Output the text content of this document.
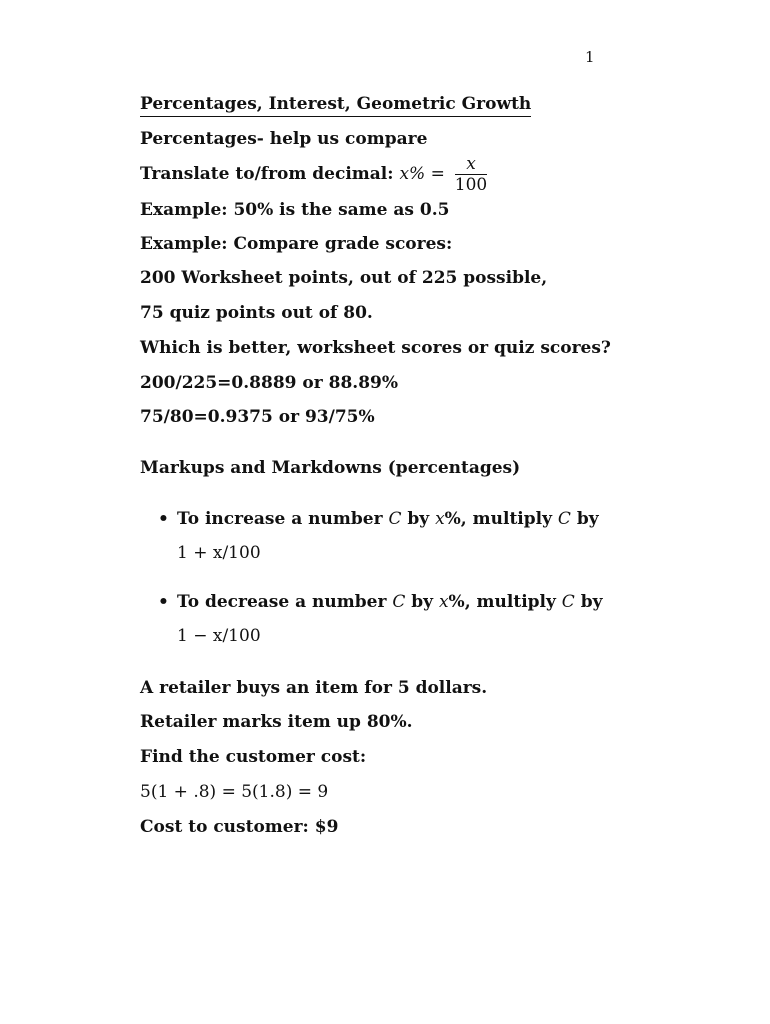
1
Percentages, Interest, Geometric Growth
Percentages- help us compare
Translate to/from decimal: $x\% = \frac{x}{100}$
Example: 50% is the same as 0.5
Example: Compare grade scores:
200 Worksheet points, out of 225 possible,
75 quiz points out of 80.
Which is better, worksheet scores or quiz scores?
200/225=0.8889 or 88.89%
75/80=0.9375 or 93/75%
Markups and Markdowns (percentages)
• To increase a number C by x%, multiply C by
1 + x/100
• To decrease a number C by x%, multiply C by
1 − x/100
A retailer buys an item for 5 dollars.
Retailer marks item up 80%.
Find the customer cost:
5(1 + .8) = 5(1.8) = 9
Cost to customer: $9
